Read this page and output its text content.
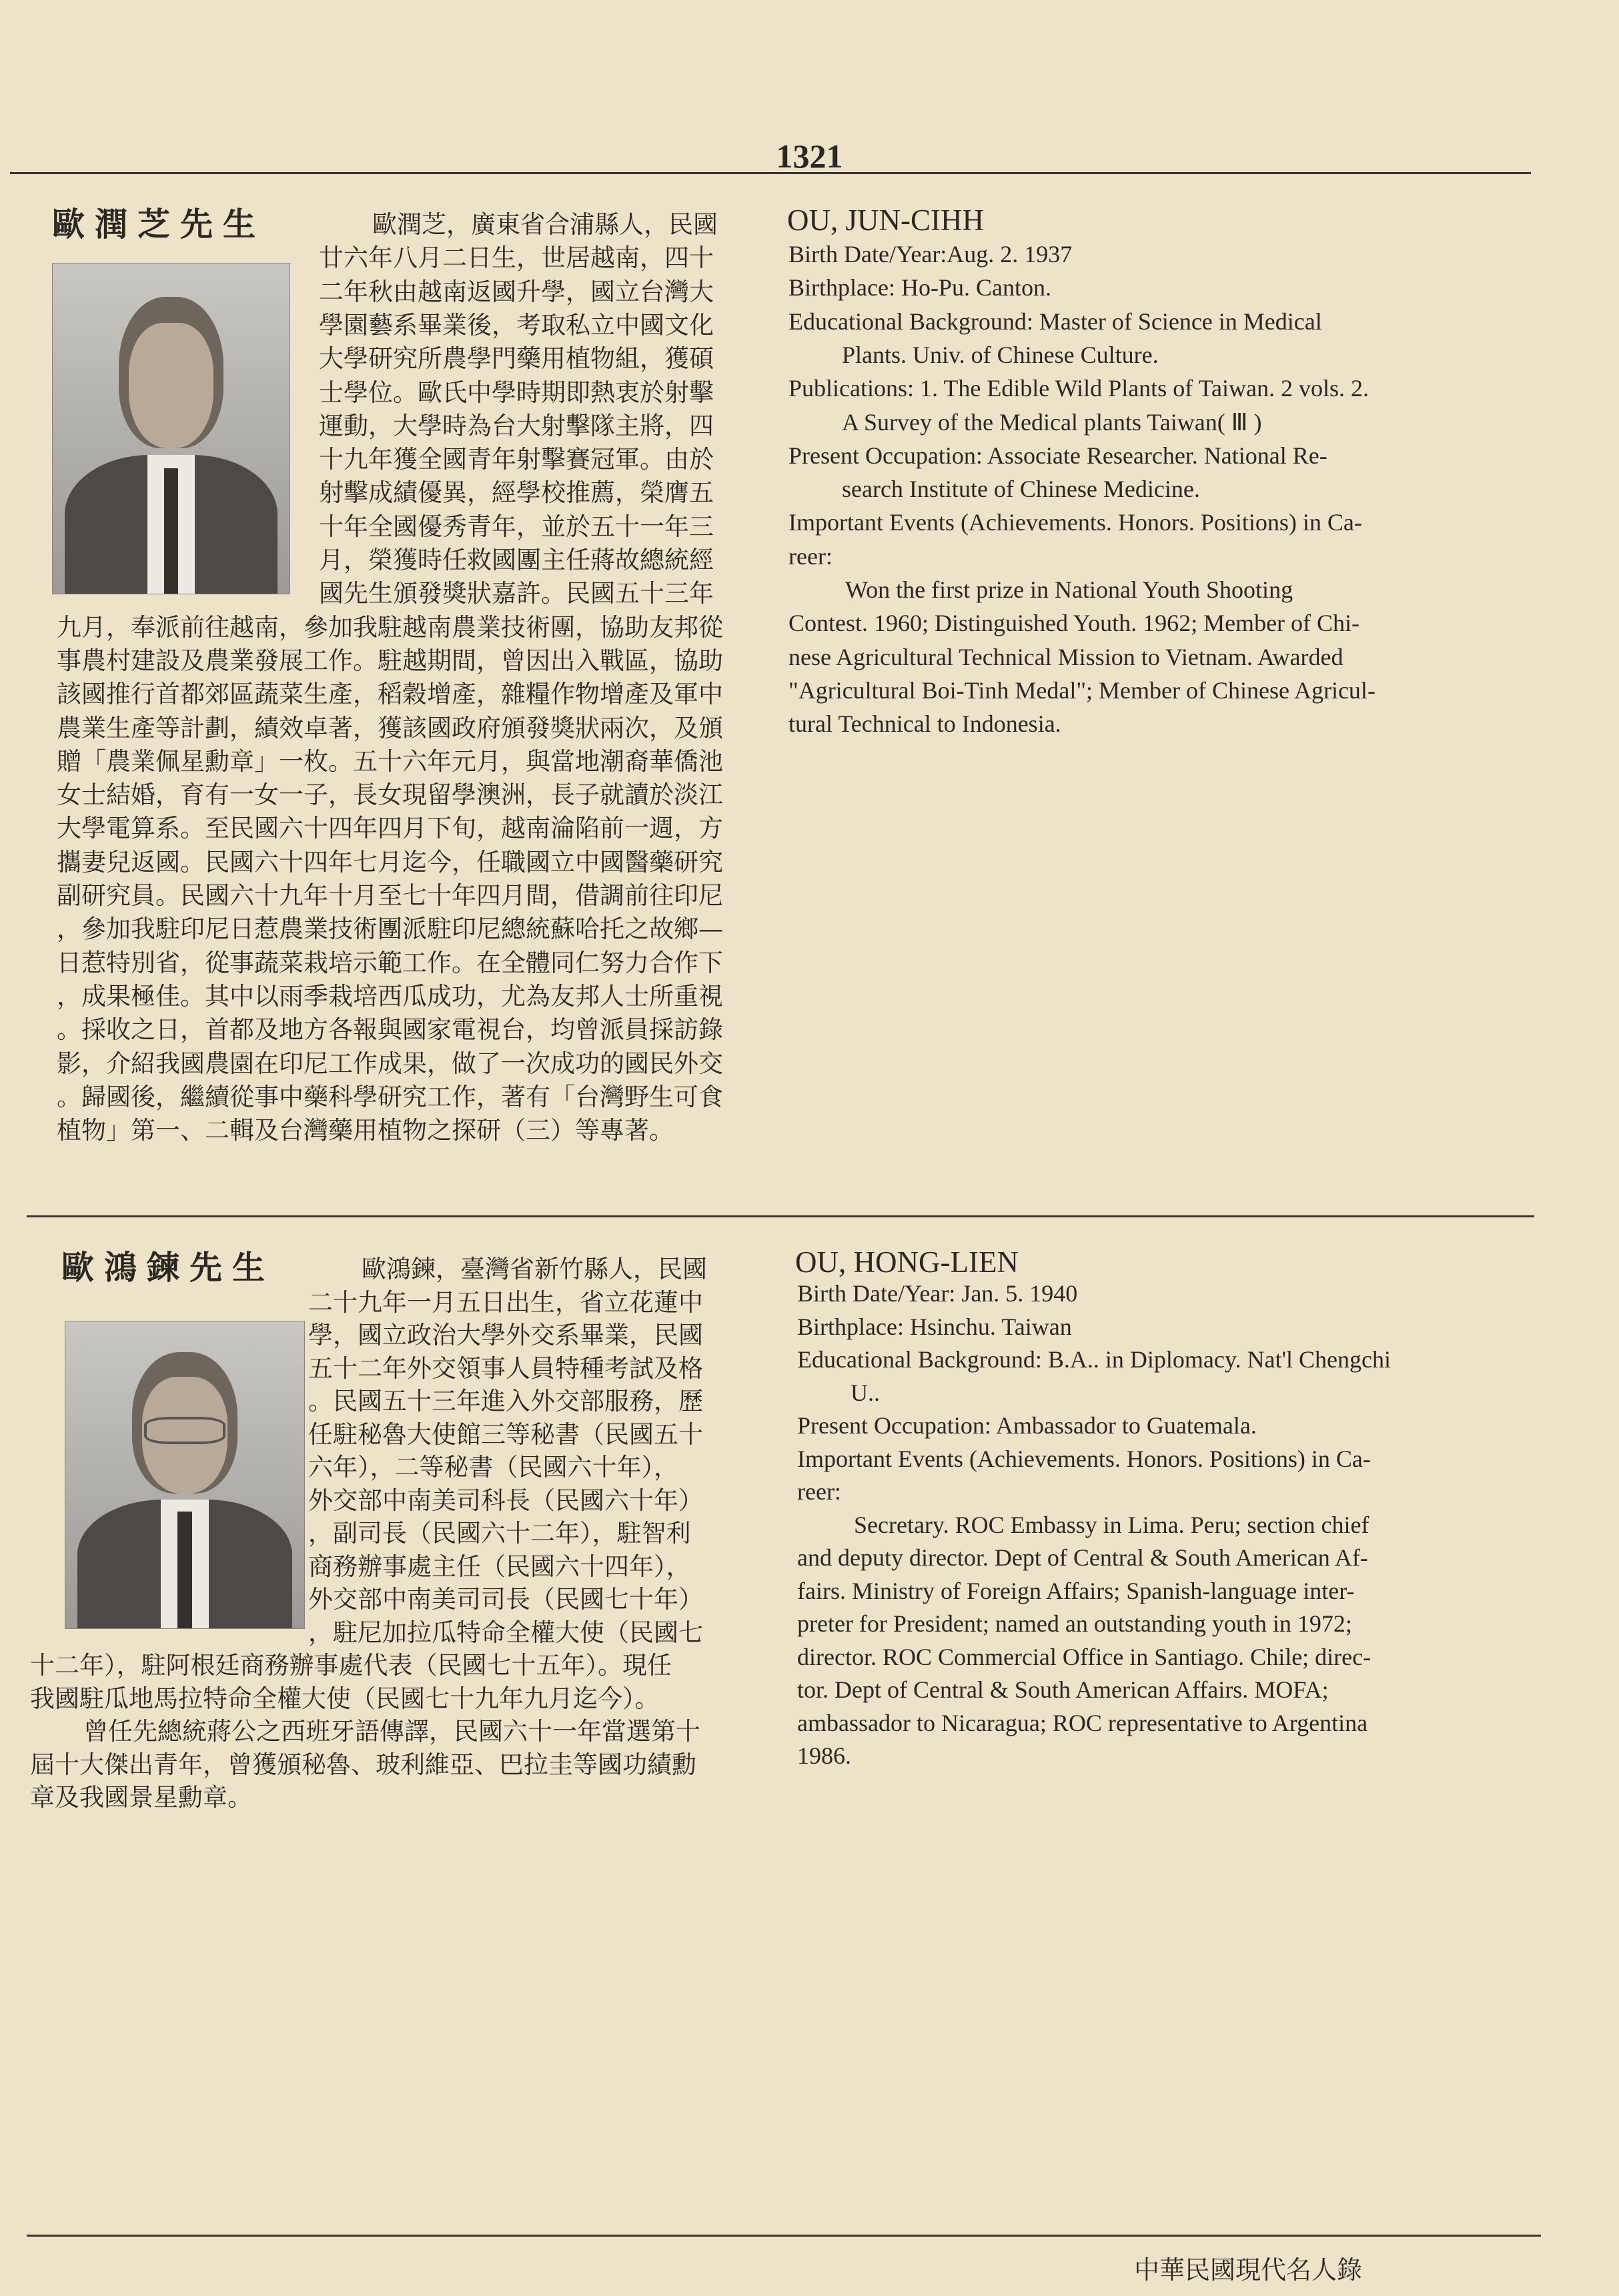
1321
歐潤芝先生	歐潤芝，廣東省合浦縣人，民國
廿六年八月二日生，世居越南，四十
二年秋由越南返國升學，國立台灣大
學園藝系畢業後，考取私立中國文化
大學研究所農學門藥用植物組，獲碩
士學位。歐氏中學時期即熱衷於射擊
運動，大學時為台大射擊隊主將，四
十九年獲全國青年射擊賽冠軍。由於
射擊成績優異，經學校推薦，榮膺五
十年全國優秀青年，並於五十一年三
月，榮獲時任救國團主任蔣故總統經
國先生頒發獎狀嘉許。民國五十三年
九月，奉派前往越南，參加我駐越南農業技術團，協助友邦從
事農村建設及農業發展工作。駐越期間，曾因出入戰區，協助
該國推行首都郊區蔬菜生產，稻穀增產，雜糧作物增產及軍中
農業生產等計劃，績效卓著，獲該國政府頒發獎狀兩次，及頒
贈「農業佩星勳章」一枚。五十六年元月，與當地潮裔華僑池
女士結婚，育有一女一子，長女現留學澳洲，長子就讀於淡江
大學電算系。至民國六十四年四月下旬，越南淪陷前一週，方
攜妻兒返國。民國六十四年七月迄今，任職國立中國醫藥研究
副研究員。民國六十九年十月至七十年四月間，借調前往印尼
，參加我駐印尼日惹農業技術團派駐印尼總統蘇哈托之故鄉—
日惹特別省，從事蔬菜栽培示範工作。在全體同仁努力合作下
，成果極佳。其中以雨季栽培西瓜成功，尤為友邦人士所重視
。採收之日，首都及地方各報與國家電視台，均曾派員採訪錄
影，介紹我國農園在印尼工作成果，做了一次成功的國民外交
。歸國後，繼續從事中藥科學研究工作，著有「台灣野生可食
植物」第一、二輯及台灣藥用植物之探研（三）等專著。
OU, JUN-CIHH
Birth Date/Year:Aug. 2. 1937
Birthplace: Ho-Pu. Canton.
Educational Background: Master of Science in Medical
Plants. Univ. of Chinese Culture.
Publications: 1. The Edible Wild Plants of Taiwan. 2 vols. 2.
A Survey of the Medical plants Taiwan( Ⅲ )
Present Occupation: Associate Researcher. National Re-
search Institute of Chinese Medicine.
Important Events (Achievements. Honors. Positions) in Ca-
reer:
Won the first prize in National Youth Shooting
Contest. 1960; Distinguished Youth. 1962; Member of Chi-
nese Agricultural Technical Mission to Vietnam. Awarded
"Agricultural Boi-Tinh Medal"; Member of Chinese Agricul-
tural Technical to Indonesia.
歐鴻鍊先生	歐鴻鍊，臺灣省新竹縣人，民國
二十九年一月五日出生，省立花蓮中
學，國立政治大學外交系畢業，民國
五十二年外交領事人員特種考試及格
。民國五十三年進入外交部服務，歷
任駐秘魯大使館三等秘書（民國五十
六年），二等秘書（民國六十年），
外交部中南美司科長（民國六十年）
，副司長（民國六十二年），駐智利
商務辦事處主任（民國六十四年），
外交部中南美司司長（民國七十年）
，駐尼加拉瓜特命全權大使（民國七
十二年），駐阿根廷商務辦事處代表（民國七十五年）。現任
我國駐瓜地馬拉特命全權大使（民國七十九年九月迄今）。
曾任先總統蔣公之西班牙語傳譯，民國六十一年當選第十
屆十大傑出青年，曾獲頒秘魯、玻利維亞、巴拉圭等國功績勳
章及我國景星勳章。
OU, HONG-LIEN
Birth Date/Year: Jan. 5. 1940
Birthplace: Hsinchu. Taiwan
Educational Background: B.A.. in Diplomacy. Nat'l Chengchi
U..
Present Occupation: Ambassador to Guatemala.
Important Events (Achievements. Honors. Positions) in Ca-
reer:
Secretary. ROC Embassy in Lima. Peru; section chief
and deputy director. Dept of Central & South American Af-
fairs. Ministry of Foreign Affairs; Spanish-language inter-
preter for President; named an outstanding youth in 1972;
director. ROC Commercial Office in Santiago. Chile; direc-
tor. Dept of Central & South American Affairs. MOFA;
ambassador to Nicaragua; ROC representative to Argentina
1986.
中華民國現代名人錄
